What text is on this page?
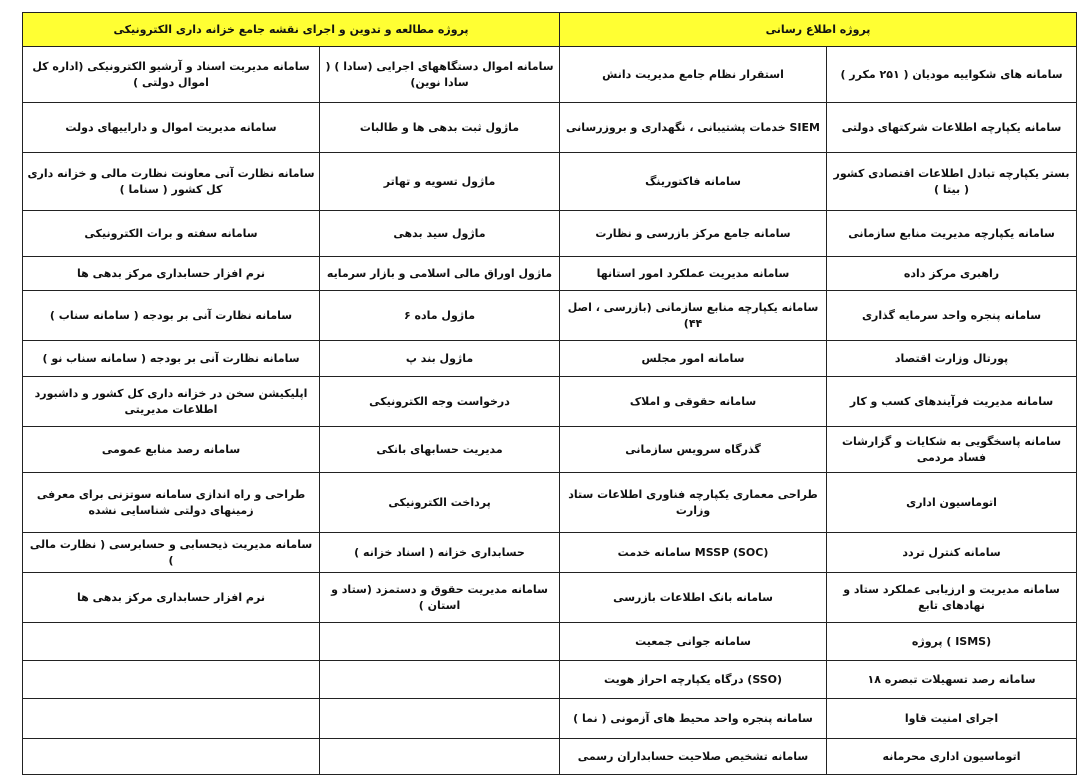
پروژه اطلاع رسانی		پروژه مطالعه و تدوین و اجرای نقشه جامع خزانه داری الکترونیکی	
سامانه های شکواییه مودیان ( ۲۵۱ مکرر )	استقرار نظام جامع مدیریت دانش	سامانه اموال دستگاههای اجرایی (سادا ) ( سادا نوین)	سامانه مدیریت اسناد و آرشیو الکترونیکی (اداره کل اموال دولتی )
سامانه یکپارچه اطلاعات شرکتهای دولتی	SIEM خدمات پشتیبانی ، نگهداری و بروزرسانی	ماژول ثبت بدهی ها و طالبات	سامانه مدیریت اموال و داراییهای دولت
بستر یکپارچه تبادل اطلاعات اقتصادی کشور ( بیتا )	سامانه فاکتورینگ	ماژول تسویه و تهاتر	سامانه نظارت آنی معاونت نظارت مالی و خزانه داری کل کشور ( سناما )
سامانه یکپارچه مدیریت منابع سازمانی	سامانه جامع مرکز بازرسی و نظارت	ماژول سید بدهی	سامانه سفته و برات الکترونیکی
راهبری مرکز داده	سامانه مدیریت عملکرد امور استانها	ماژول اوراق مالی اسلامی و بازار سرمایه	نرم افزار حسابداری مرکز بدهی ها
سامانه پنجره واحد سرمایه گذاری	سامانه یکپارچه منابع سازمانی (بازرسی ، اصل ۴۴)	ماژول ماده ۶	سامانه نظارت آنی بر بودجه ( سامانه سناب )
پورتال وزارت اقتصاد	سامانه امور مجلس	ماژول بند پ	سامانه نظارت آنی بر بودجه ( سامانه سناب نو )
سامانه مدیریت فرآیندهای کسب و کار	سامانه حقوقی و املاک	درخواست وجه الکترونیکی	اپلیکیشن سخن در خزانه داری کل کشور و داشبورد اطلاعات مدیریتی
سامانه پاسخگویی به شکایات و گزارشات فساد مردمی	گذرگاه سرویس سازمانی	مدیریت حسابهای بانکی	سامانه رصد منابع عمومی
اتوماسیون اداری	طراحی معماری یکپارچه فناوری اطلاعات ستاد وزارت	پرداخت الکترونیکی	طراحی و راه اندازی سامانه سوتزنی برای معرفی زمینهای دولتی شناسایی نشده
سامانه کنترل تردد	MSSP (SOC) سامانه خدمت	حسابداری خزانه ( اسناد خزانه )	سامانه مدیریت ذیحسابی و حسابرسی ( نظارت مالی )
سامانه مدیریت و ارزیابی عملکرد ستاد و نهادهای تابع	سامانه بانک اطلاعات بازرسی	سامانه مدیریت حقوق و دستمزد (ستاد و استان )	نرم افزار حسابداری مرکز بدهی ها
(ISMS ) پروژه	سامانه جوانی جمعیت		
سامانه رصد تسهیلات تبصره ۱۸	(SSO) درگاه یکپارچه احراز هویت		
اجرای امنیت قاوا	سامانه پنجره واحد محیط های آزمونی ( نما )		
اتوماسیون اداری محرمانه	سامانه تشخیص صلاحیت حسابداران رسمی		
